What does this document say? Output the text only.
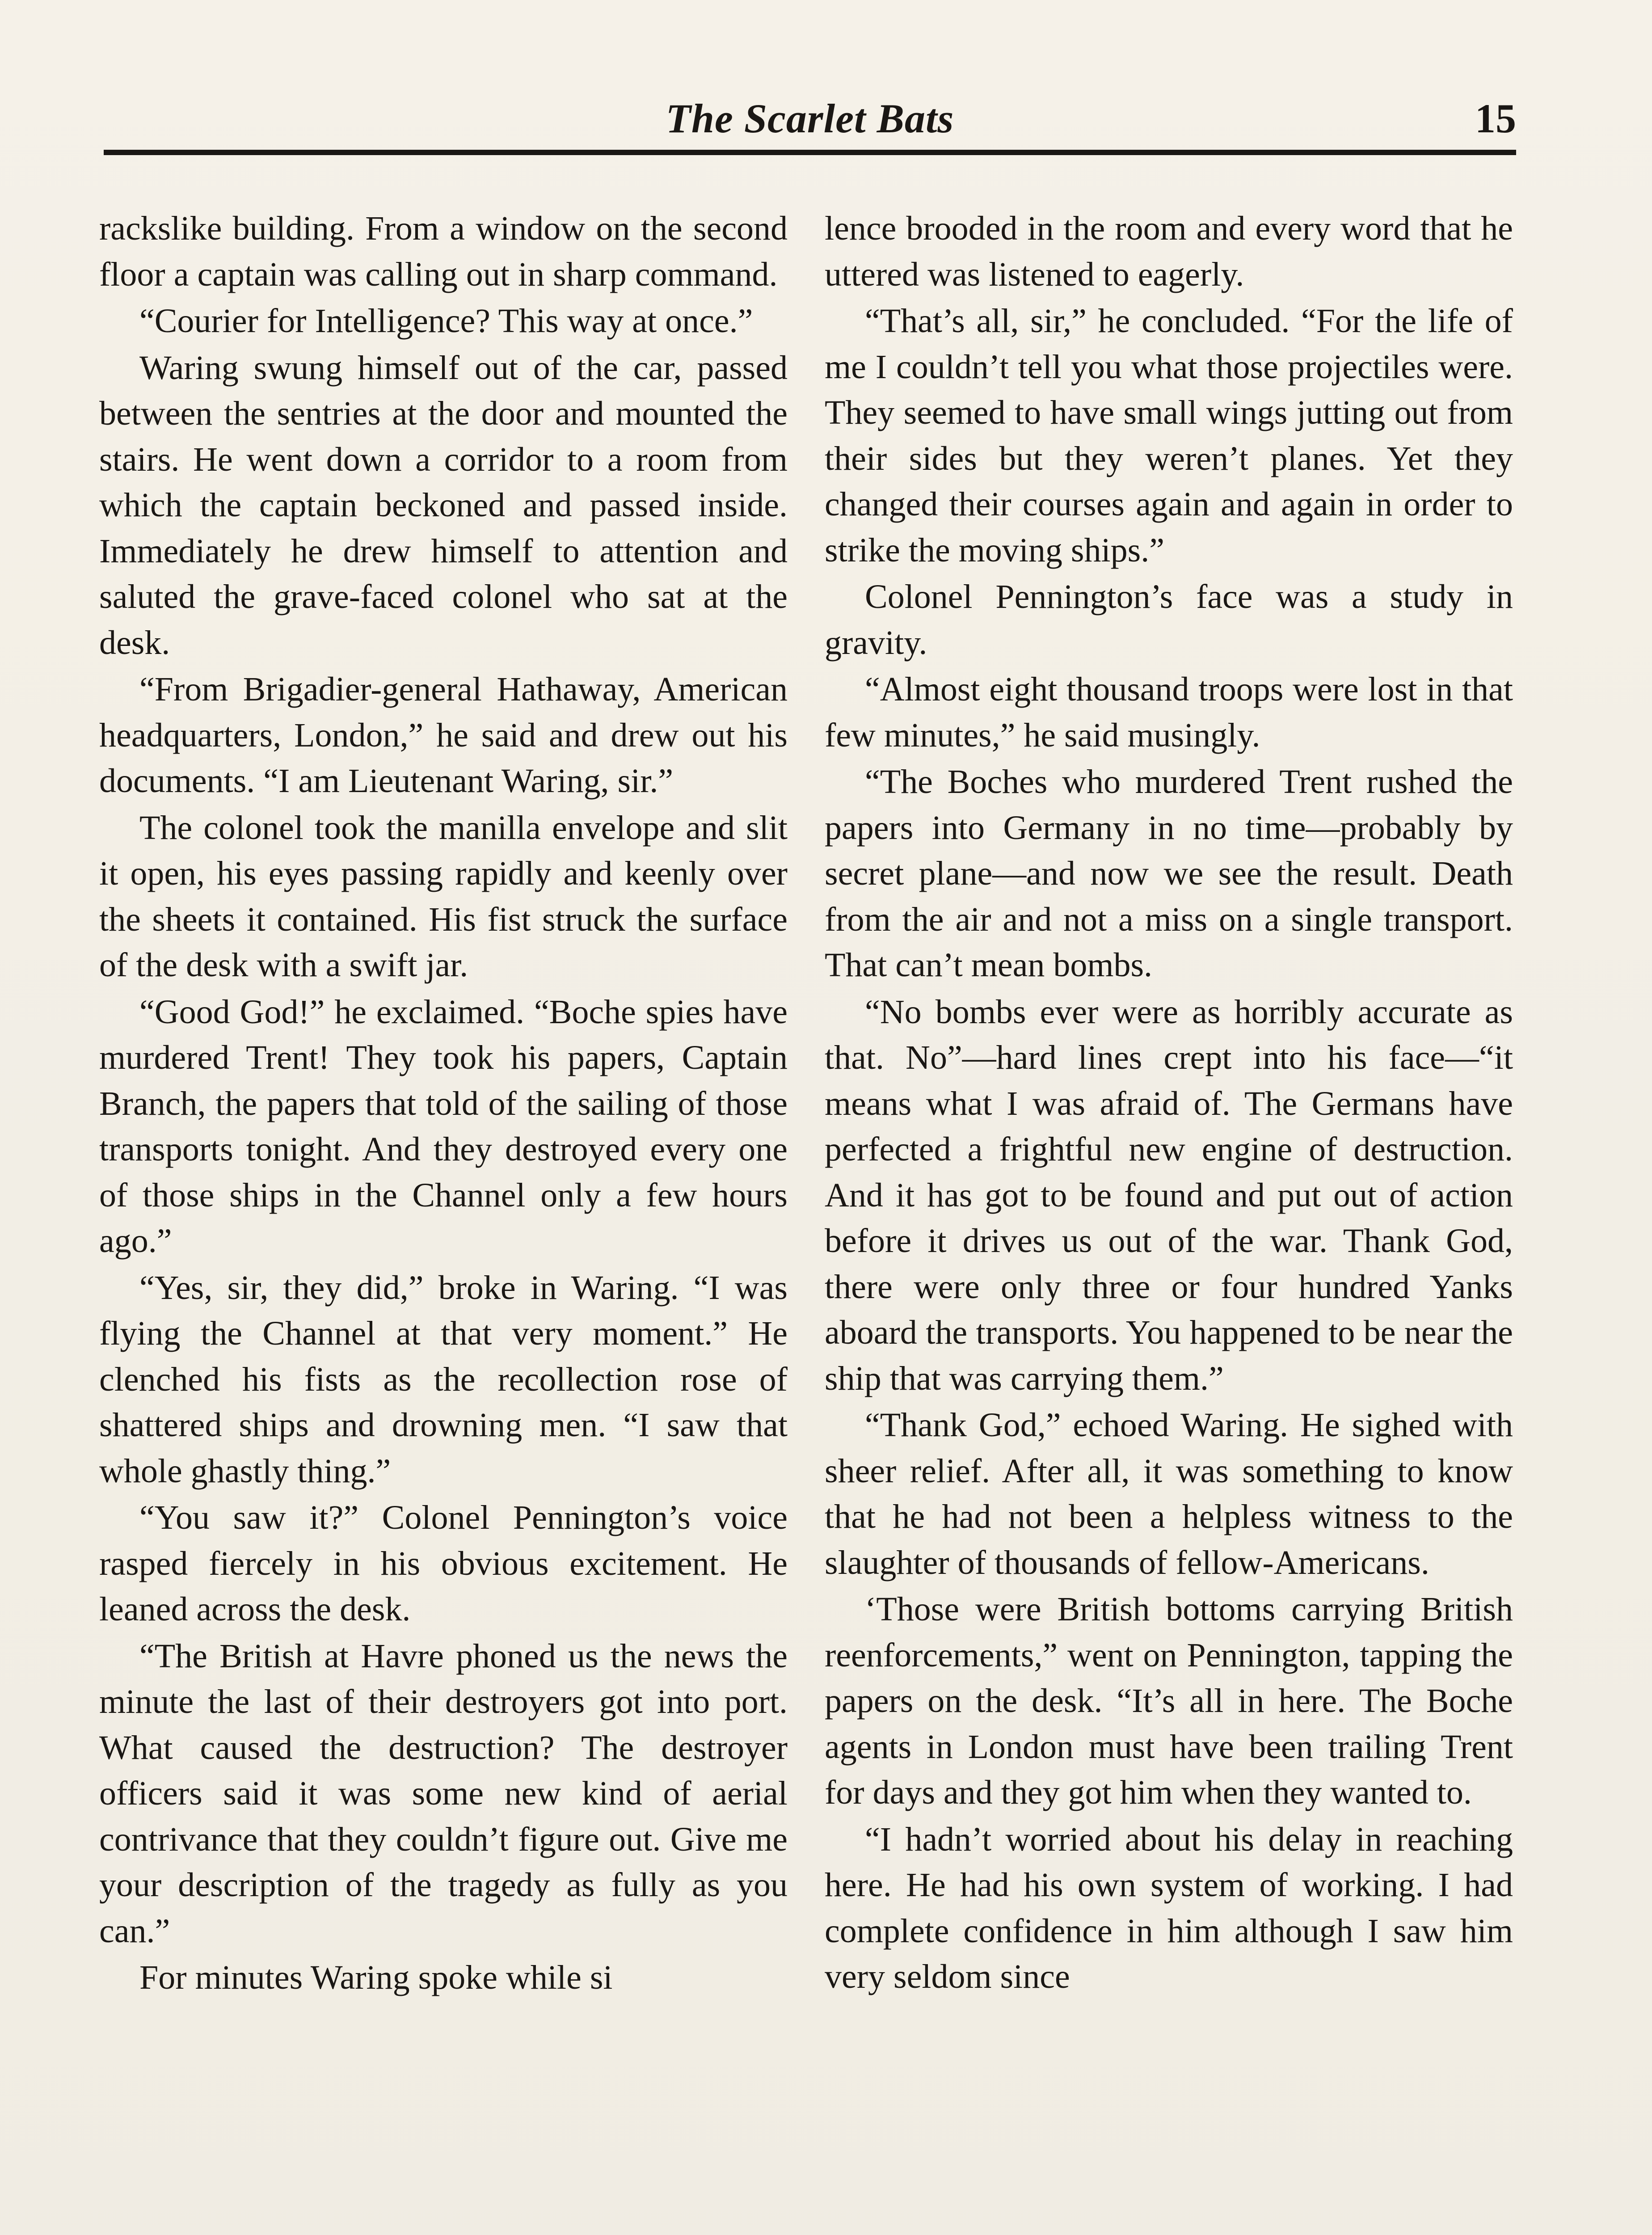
The Scarlet Bats	15

rackslike building. From a window on the second floor a captain was calling out in sharp command.

“Courier for Intelligence? This way at once.”

Waring swung himself out of the car, passed between the sentries at the door and mounted the stairs. He went down a corridor to a room from which the captain beckoned and passed inside. Immediately he drew himself to attention and saluted the grave-faced colonel who sat at the desk.

“From Brigadier-general Hathaway, American headquarters, London,” he said and drew out his documents. “I am Lieutenant Waring, sir.”

The colonel took the manilla envelope and slit it open, his eyes passing rapidly and keenly over the sheets it contained. His fist struck the surface of the desk with a swift jar.

“Good God!” he exclaimed. “Boche spies have murdered Trent! They took his papers, Captain Branch, the papers that told of the sailing of those transports tonight. And they destroyed every one of those ships in the Channel only a few hours ago.”

“Yes, sir, they did,” broke in Waring. “I was flying the Channel at that very moment.” He clenched his fists as the recollection rose of shattered ships and drowning men. “I saw that whole ghastly thing.”

“You saw it?” Colonel Pennington’s voice rasped fiercely in his obvious excitement. He leaned across the desk.

“The British at Havre phoned us the news the minute the last of their destroyers got into port. What caused the destruction? The destroyer officers said it was some new kind of aerial contrivance that they couldn’t figure out. Give me your description of the tragedy as fully as you can.”

For minutes Waring spoke while si

lence brooded in the room and every word that he uttered was listened to eagerly.

“That’s all, sir,” he concluded. “For the life of me I couldn’t tell you what those projectiles were. They seemed to have small wings jutting out from their sides but they weren’t planes. Yet they changed their courses again and again in order to strike the moving ships.”

Colonel Pennington’s face was a study in gravity.

“Almost eight thousand troops were lost in that few minutes,” he said musingly.

“The Boches who murdered Trent rushed the papers into Germany in no time—probably by secret plane—and now we see the result. Death from the air and not a miss on a single transport. That can’t mean bombs.

“No bombs ever were as horribly accurate as that. No”—hard lines crept into his face—“it means what I was afraid of. The Germans have perfected a frightful new engine of destruction. And it has got to be found and put out of action before it drives us out of the war. Thank God, there were only three or four hundred Yanks aboard the transports. You happened to be near the ship that was carrying them.”

“Thank God,” echoed Waring. He sighed with sheer relief. After all, it was something to know that he had not been a helpless witness to the slaughter of thousands of fellow-Americans.

‘Those were British bottoms carrying British reenforcements,” went on Pennington, tapping the papers on the desk. “It’s all in here. The Boche agents in London must have been trailing Trent for days and they got him when they wanted to.

“I hadn’t worried about his delay in reaching here. He had his own system of working. I had complete confidence in him although I saw him very seldom since
